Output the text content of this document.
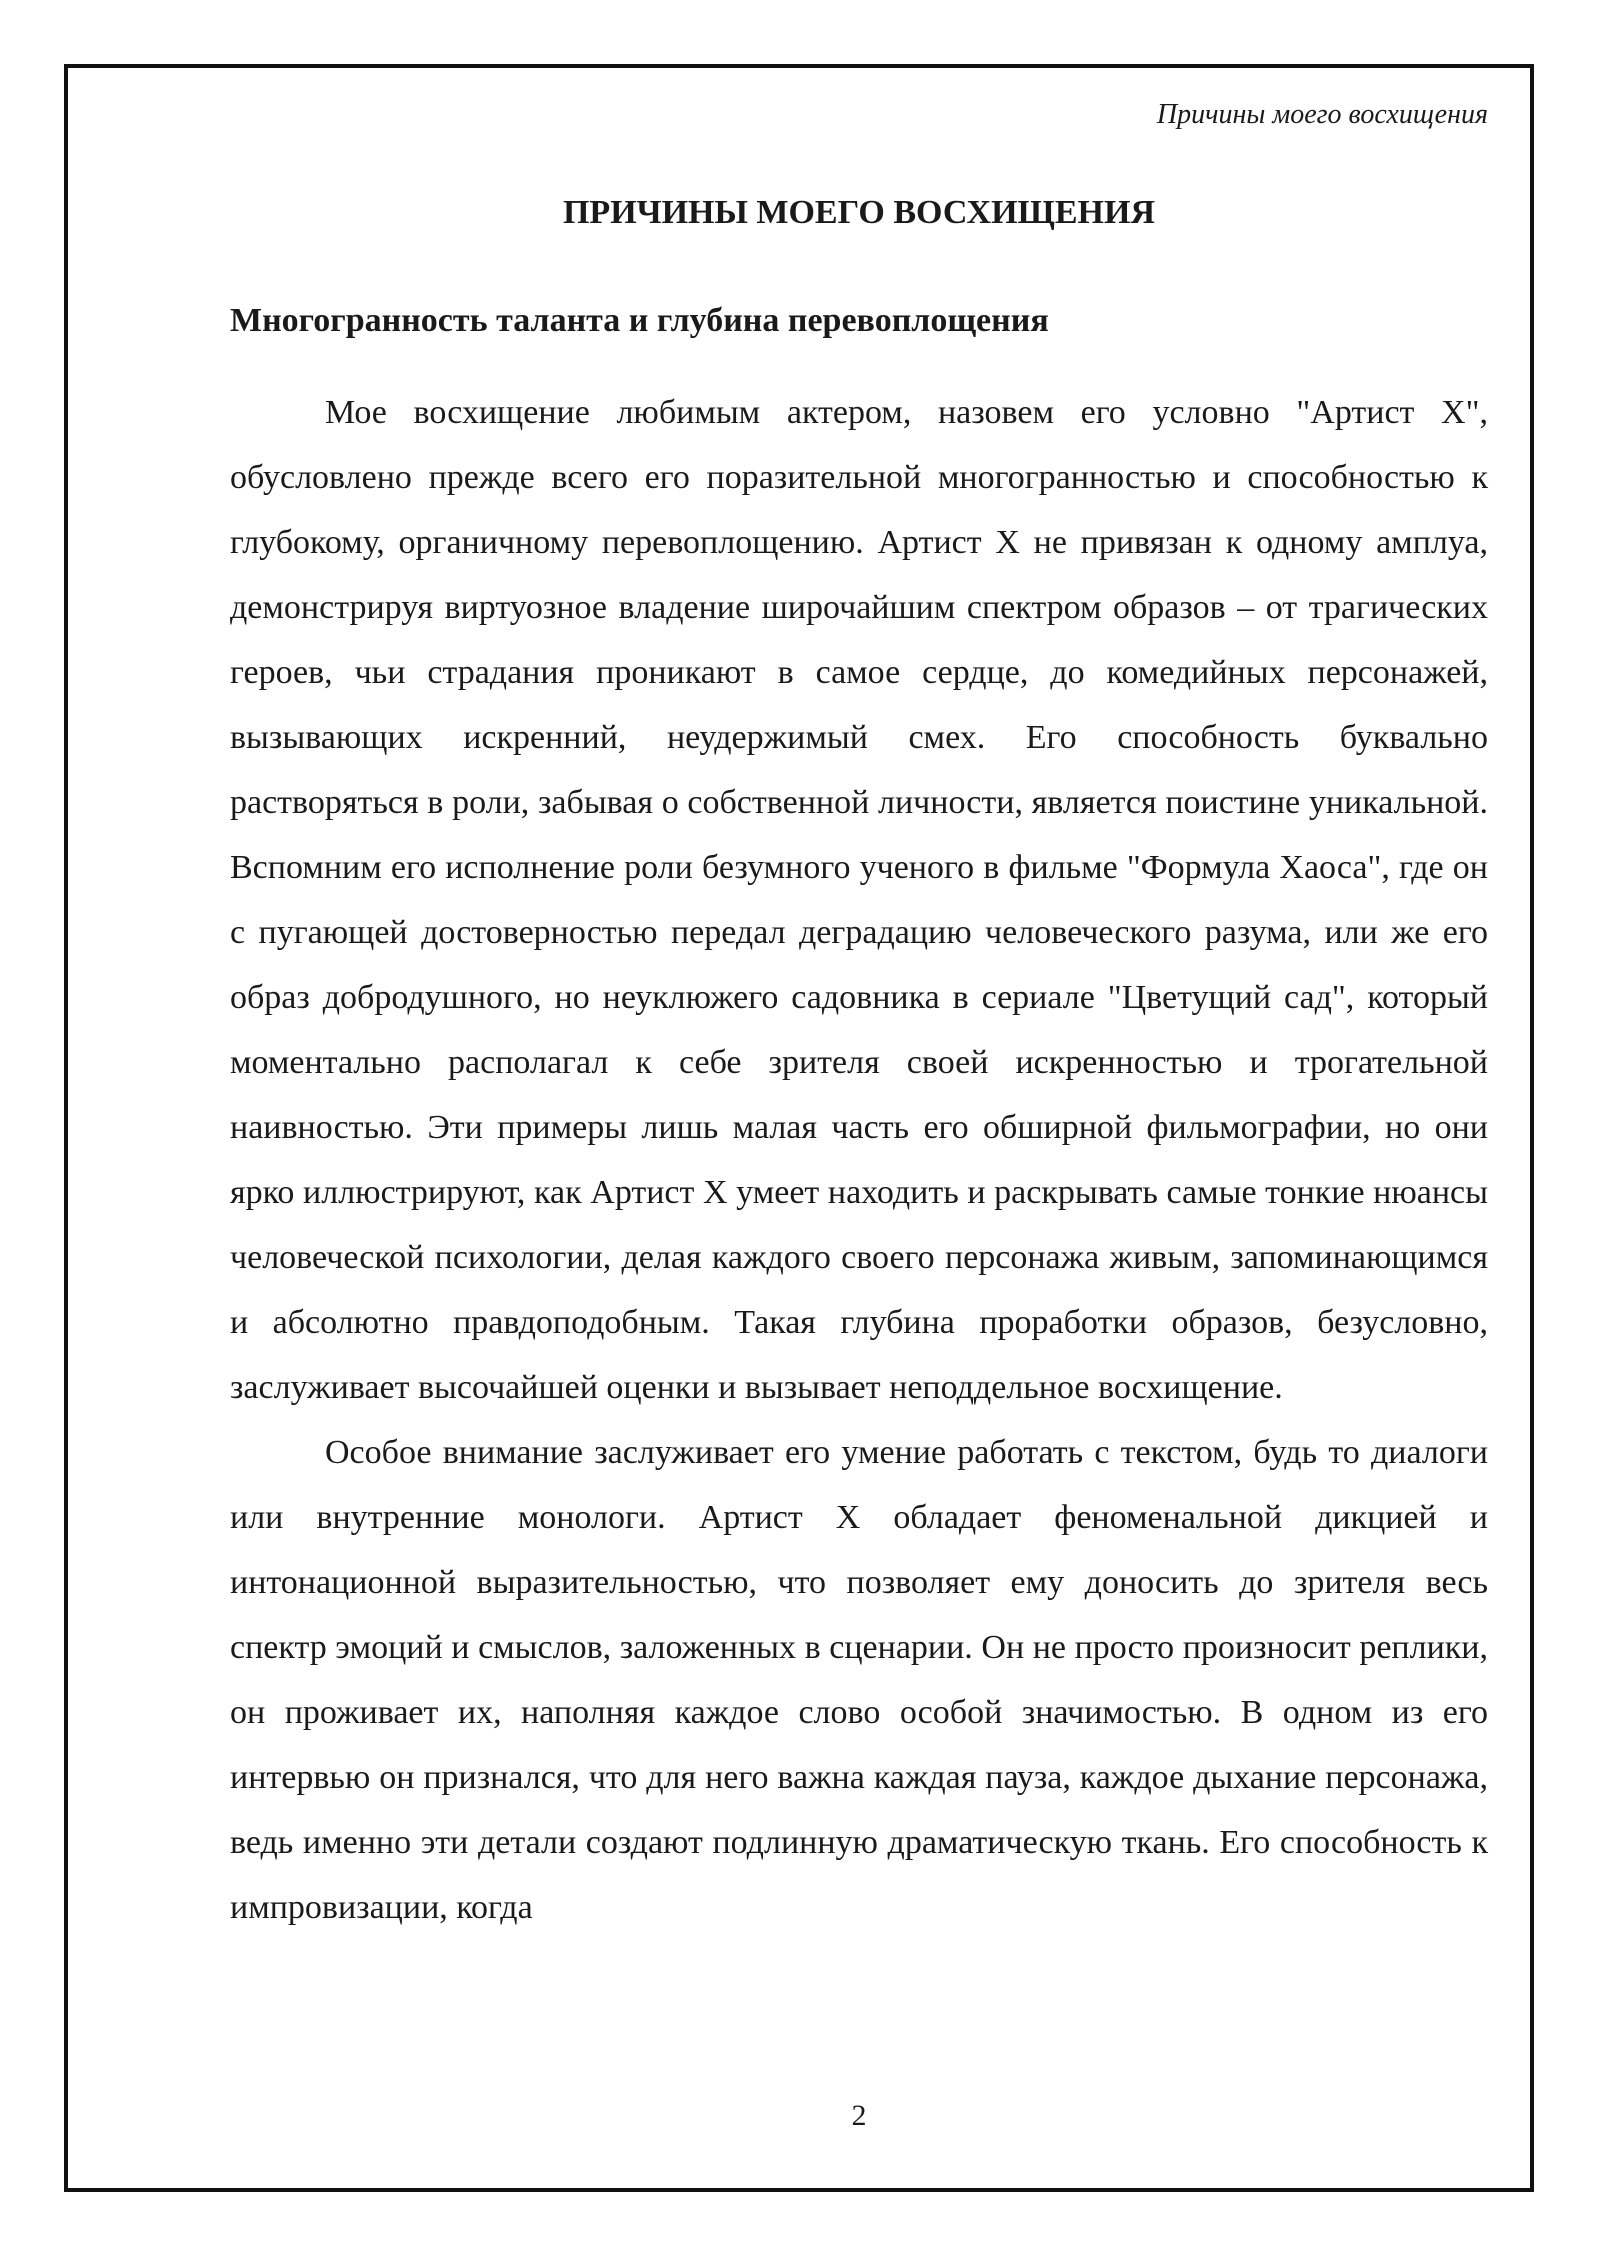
Причины моего восхищения
ПРИЧИНЫ МОЕГО ВОСХИЩЕНИЯ
Многогранность таланта и глубина перевоплощения

Мое восхищение любимым актером, назовем его условно "Артист X", обусловлено прежде всего его поразительной многогранностью и способностью к глубокому, органичному перевоплощению. Артист X не привязан к одному амплуа, демонстрируя виртуозное владение широчайшим спектром образов – от трагических героев, чьи страдания проникают в самое сердце, до комедийных персонажей, вызывающих искренний, неудержимый смех. Его способность буквально растворяться в роли, забывая о собственной личности, является поистине уникальной. Вспомним его исполнение роли безумного ученого в фильме "Формула Хаоса", где он с пугающей достоверностью передал деградацию человеческого разума, или же его образ добродушного, но неуклюжего садовника в сериале "Цветущий сад", который моментально располагал к себе зрителя своей искренностью и трогательной наивностью. Эти примеры лишь малая часть его обширной фильмографии, но они ярко иллюстрируют, как Артист X умеет находить и раскрывать самые тонкие нюансы человеческой психологии, делая каждого своего персонажа живым, запоминающимся и абсолютно правдоподобным. Такая глубина проработки образов, безусловно, заслуживает высочайшей оценки и вызывает неподдельное восхищение.

Особое внимание заслуживает его умение работать с текстом, будь то диалоги или внутренние монологи. Артист X обладает феноменальной дикцией и интонационной выразительностью, что позволяет ему доносить до зрителя весь спектр эмоций и смыслов, заложенных в сценарии. Он не просто произносит реплики, он проживает их, наполняя каждое слово особой значимостью. В одном из его интервью он признался, что для него важна каждая пауза, каждое дыхание персонажа, ведь именно эти детали создают подлинную драматическую ткань. Его способность к импровизации, когда

2
